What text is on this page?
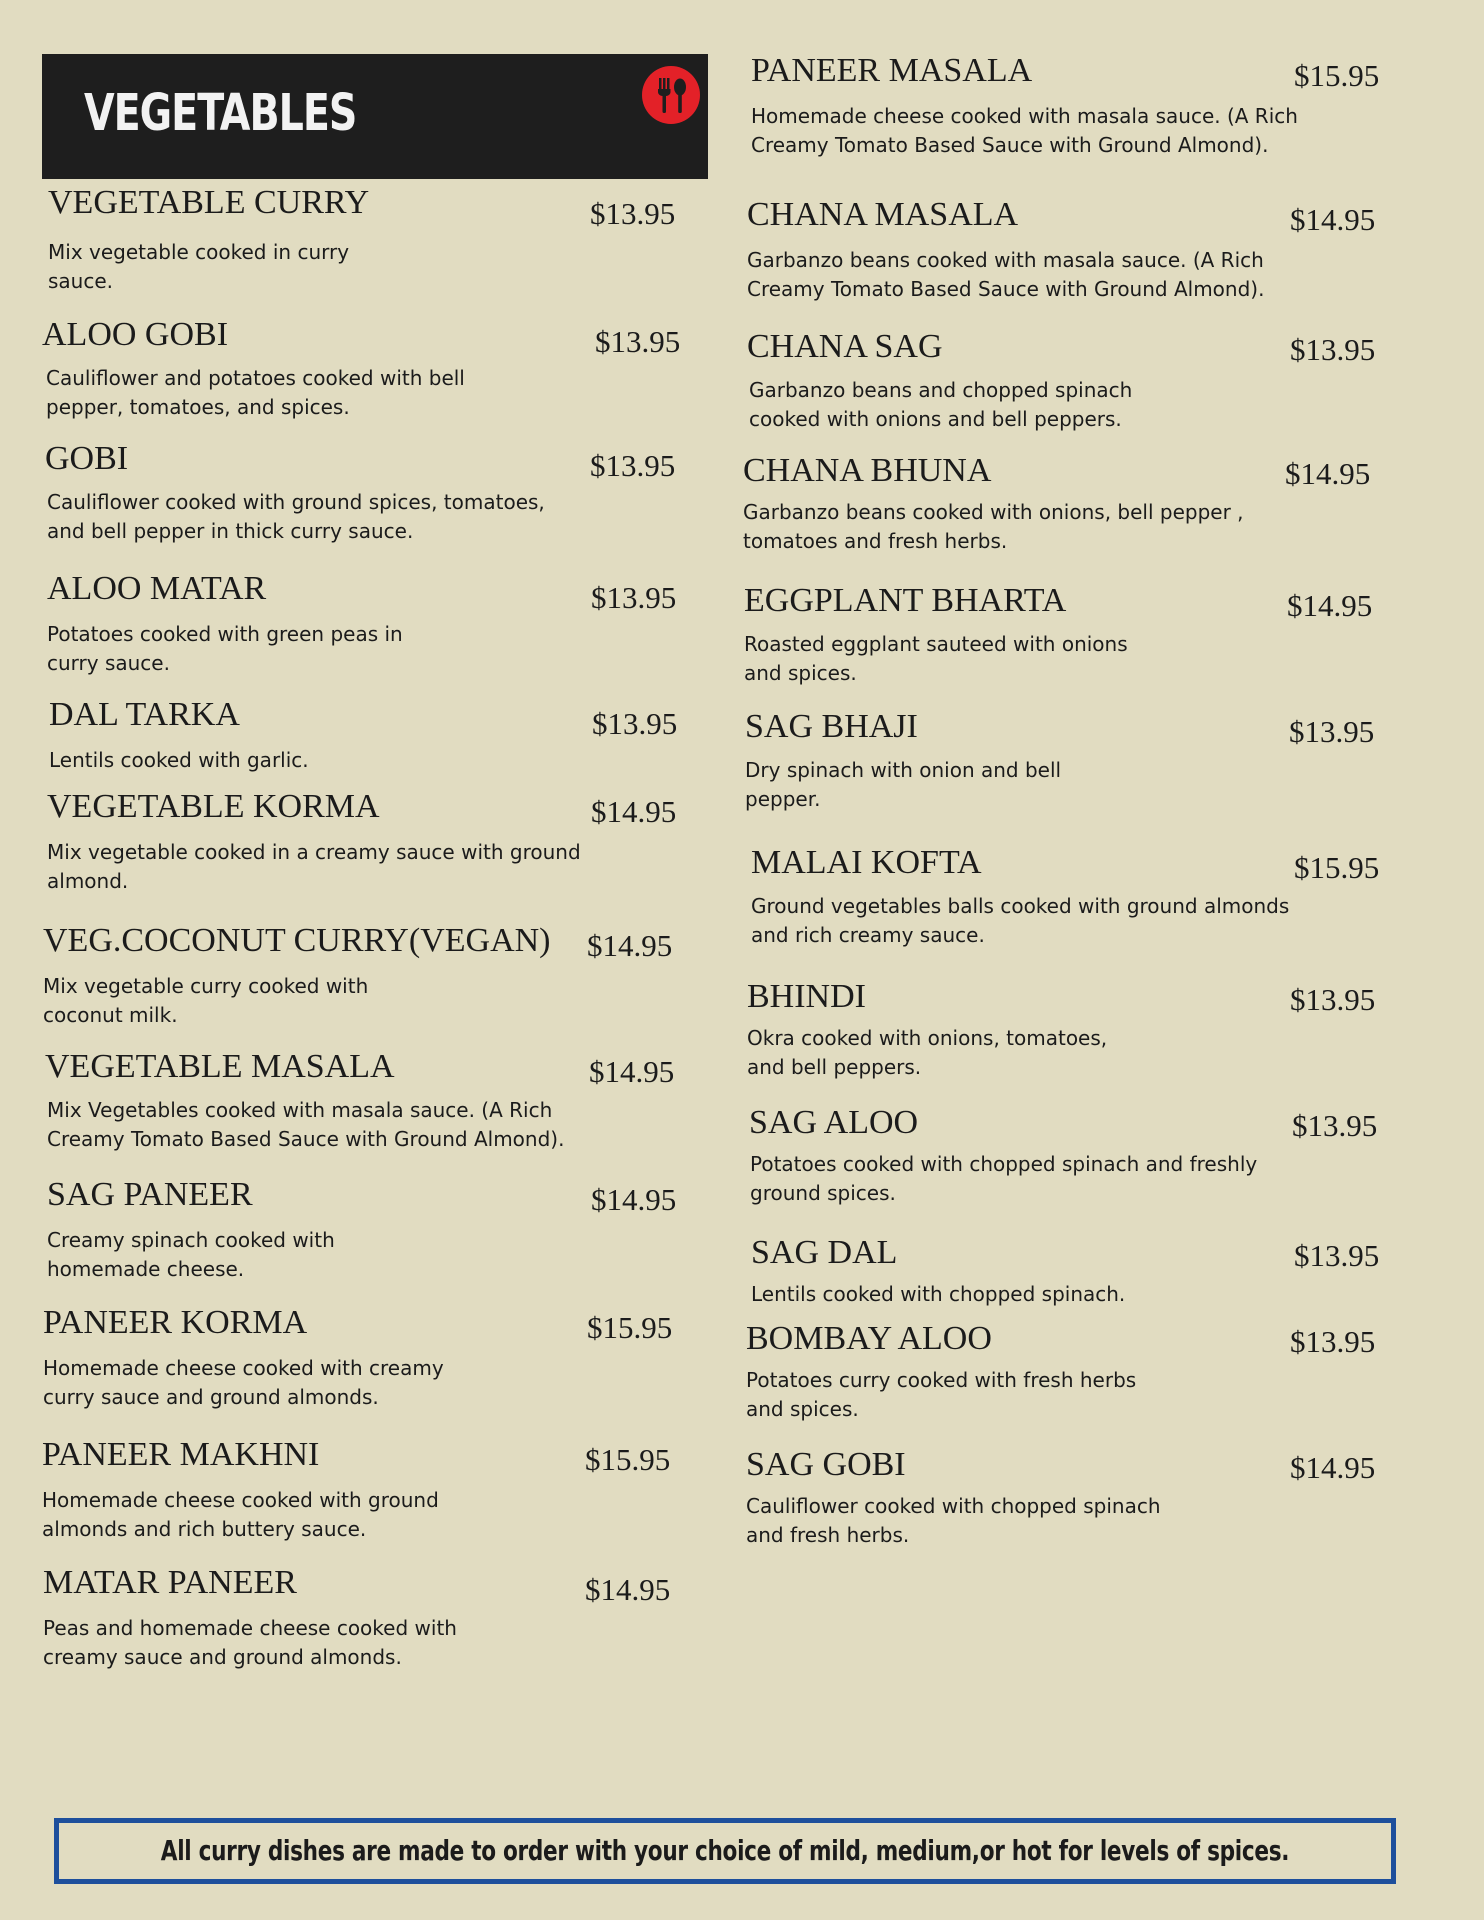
VEGETABLES
VEGETABLE CURRY	$13.95
Mix vegetable cooked in curry sauce.
ALOO GOBI	$13.95
Cauliflower and potatoes cooked with bell pepper, tomatoes, and spices.
GOBI	$13.95
Cauliflower cooked with ground spices, tomatoes, and bell pepper in thick curry sauce.
ALOO MATAR	$13.95
Potatoes cooked with green peas in curry sauce.
DAL TARKA	$13.95
Lentils cooked with garlic.
VEGETABLE KORMA	$14.95
Mix vegetable cooked in a creamy sauce with ground almond.
VEG.COCONUT CURRY(VEGAN) $14.95
Mix vegetable curry cooked with coconut milk.
VEGETABLE MASALA	$14.95
Mix Vegetables cooked with masala sauce. (A Rich Creamy Tomato Based Sauce with Ground Almond).
SAG PANEER	$14.95
Creamy spinach cooked with homemade cheese.
PANEER KORMA	$15.95
Homemade cheese cooked with creamy curry sauce and ground almonds.
PANEER MAKHNI	$15.95
Homemade cheese cooked with ground almonds and rich buttery sauce.
MATAR PANEER	$14.95
Peas and homemade cheese cooked with creamy sauce and ground almonds.
PANEER MASALA	$15.95
Homemade cheese cooked with masala sauce. (A Rich Creamy Tomato Based Sauce with Ground Almond).
CHANA MASALA	$14.95
Garbanzo beans cooked with masala sauce. (A Rich Creamy Tomato Based Sauce with Ground Almond).
CHANA SAG	$13.95
Garbanzo beans and chopped spinach cooked with onions and bell peppers.
CHANA BHUNA	$14.95
Garbanzo beans cooked with onions, bell pepper , tomatoes and fresh herbs.
EGGPLANT BHARTA	$14.95
Roasted eggplant sauteed with onions and spices.
SAG BHAJI	$13.95
Dry spinach with onion and bell pepper.
MALAI KOFTA	$15.95
Ground vegetables balls cooked with ground almonds and rich creamy sauce.
BHINDI	$13.95
Okra cooked with onions, tomatoes, and bell peppers.
SAG ALOO	$13.95
Potatoes cooked with chopped spinach and freshly ground spices.
SAG DAL	$13.95
Lentils cooked with chopped spinach.
BOMBAY ALOO	$13.95
Potatoes curry cooked with fresh herbs and spices.
SAG GOBI	$14.95
Cauliflower cooked with chopped spinach and fresh herbs.
All curry dishes are made to order with your choice of mild, medium,or hot for levels of spices.
